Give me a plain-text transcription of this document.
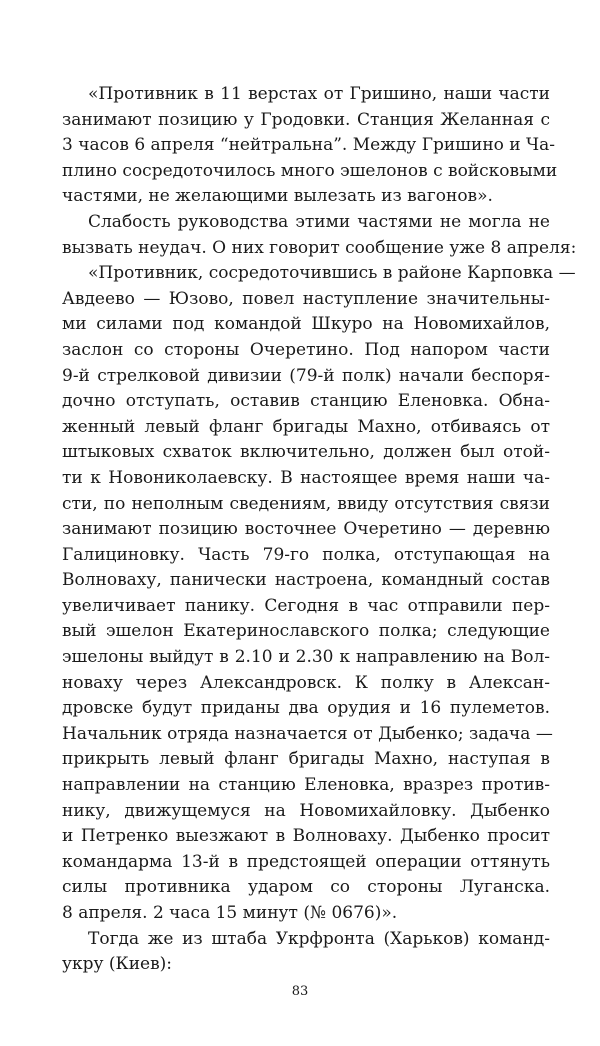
«Противник в 11 верстах от Гришино, наши части
занимают позицию у Гродовки. Станция Желанная с
3 часов 6 апреля “нейтральна”. Между Гришино и Ча-
плино сосредоточилось много эшелонов с войсковыми
частями, не желающими вылезать из вагонов».
Слабость руководства этими частями не могла не
вызвать неудач. О них говорит сообщение уже 8 апреля:
«Противник, сосредоточившись в районе Карповка —
Авдеево — Юзово, повел наступление значительны-
ми силами под командой Шкуро на Новомихайлов,
заслон со стороны Очеретино. Под напором части
9-й стрелковой дивизии (79-й полк) начали беспоря-
дочно отступать, оставив станцию Еленовка. Обна-
женный левый фланг бригады Махно, отбиваясь от
штыковых схваток включительно, должен был отой-
ти к Новониколаевску. В настоящее время наши ча-
сти, по неполным сведениям, ввиду отсутствия связи
занимают позицию восточнее Очеретино — деревню
Галициновку. Часть 79-го полка, отступающая на
Волноваху, панически настроена, командный состав
увеличивает панику. Сегодня в час отправили пер-
вый эшелон Екатеринославского полка; следующие
эшелоны выйдут в 2.10 и 2.30 к направлению на Вол-
новаху через Александровск. К полку в Алексан-
дровске будут приданы два орудия и 16 пулеметов.
Начальник отряда назначается от Дыбенко; задача —
прикрыть левый фланг бригады Махно, наступая в
направлении на станцию Еленовка, вразрез против-
нику, движущемуся на Новомихайловку. Дыбенко
и Петренко выезжают в Волноваху. Дыбенко просит
командарма 13-й в предстоящей операции оттянуть
силы противника ударом со стороны Луганска.
8 апреля. 2 часа 15 минут (№ 0676)».
Тогда же из штаба Укрфронта (Харьков) команд-
укру (Киев):
83
